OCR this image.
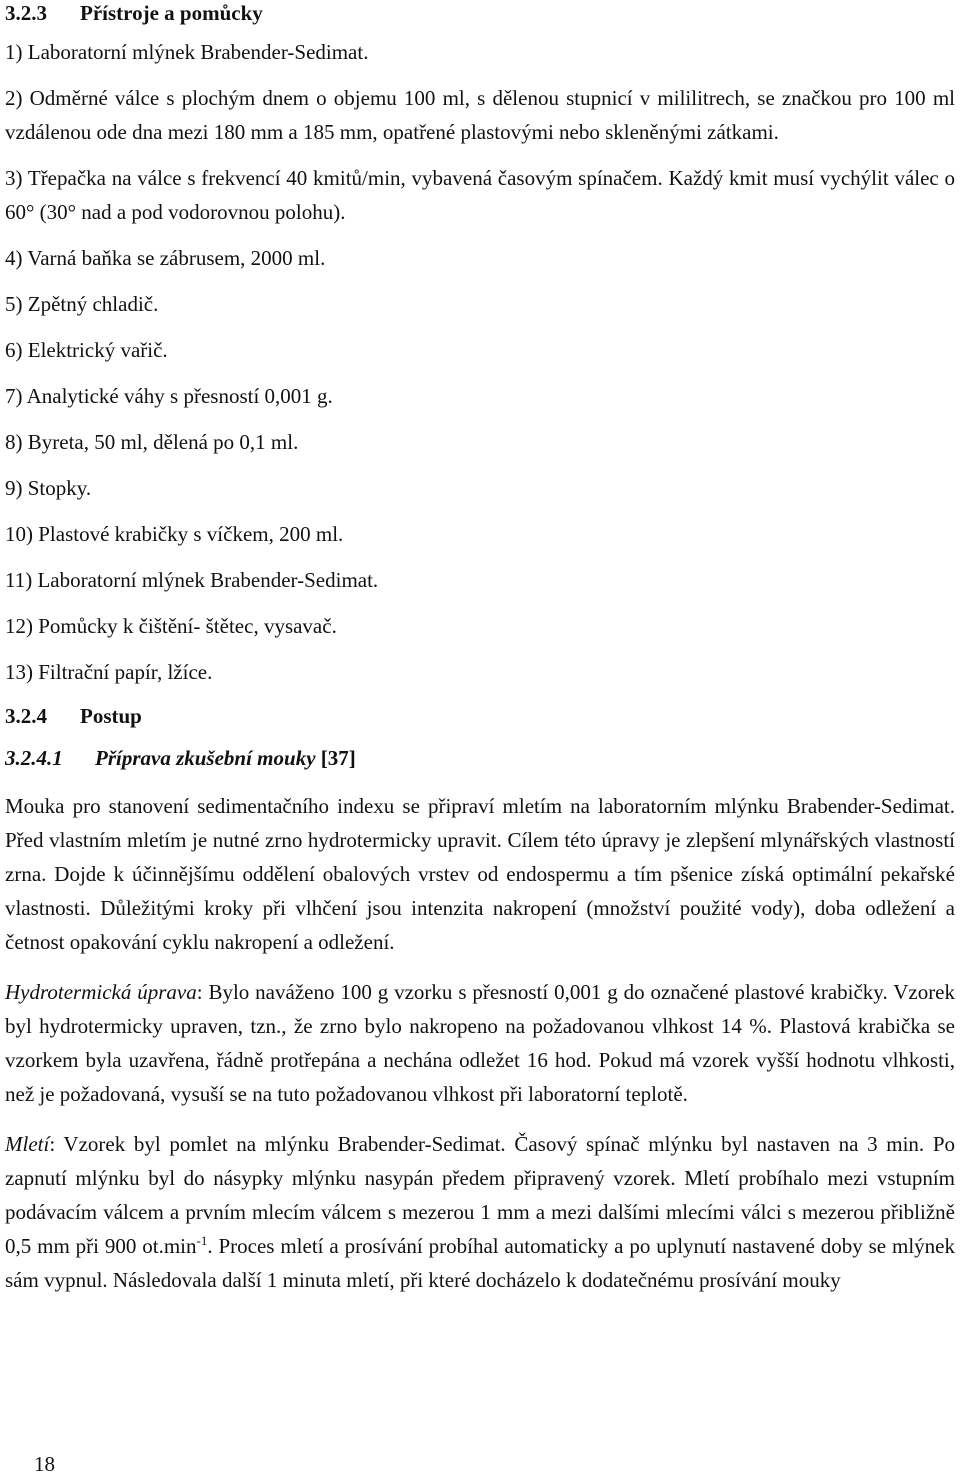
3.2.3 Přístroje a pomůcky

1) Laboratorní mlýnek Brabender-Sedimat.

2) Odměrné válce s plochým dnem o objemu 100 ml, s dělenou stupnicí v mililitrech, se značkou pro 100 ml vzdálenou ode dna mezi 180 mm a 185 mm, opatřené plastovými nebo skleněnými zátkami.

3) Třepačka na válce s frekvencí 40 kmitů/min, vybavená časovým spínačem. Každý kmit musí vychýlit válec o 60° (30° nad a pod vodorovnou polohu).

4) Varná baňka se zábrusem, 2000 ml.

5) Zpětný chladič.

6) Elektrický vařič.

7) Analytické váhy s přesností 0,001 g.

8) Byreta, 50 ml, dělená po 0,1 ml.

9) Stopky.

10) Plastové krabičky s víčkem, 200 ml.

11) Laboratorní mlýnek Brabender-Sedimat.

12) Pomůcky k čištění- štětec, vysavač.

13) Filtrační papír, lžíce.

3.2.4 Postup

3.2.4.1 Příprava zkušební mouky [37]

Mouka pro stanovení sedimentačního indexu se připraví mletím na laboratorním mlýnku Brabender-Sedimat. Před vlastním mletím je nutné zrno hydrotermicky upravit. Cílem této úpravy je zlepšení mlynářských vlastností zrna. Dojde k účinnějšímu oddělení obalových vrstev od endospermu a tím pšenice získá optimální pekařské vlastnosti. Důležitými kroky při vlhčení jsou intenzita nakropení (množství použité vody), doba odležení a četnost opakování cyklu nakropení a odležení.

Hydrotermická úprava: Bylo naváženo 100 g vzorku s přesností 0,001 g do označené plastové krabičky. Vzorek byl hydrotermicky upraven, tzn., že zrno bylo nakropeno na požadovanou vlhkost 14 %. Plastová krabička se vzorkem byla uzavřena, řádně protřepána a nechána odležet 16 hod. Pokud má vzorek vyšší hodnotu vlhkosti, než je požadovaná, vysuší se na tuto požadovanou vlhkost při laboratorní teplotě.

Mletí: Vzorek byl pomlet na mlýnku Brabender-Sedimat. Časový spínač mlýnku byl nastaven na 3 min. Po zapnutí mlýnku byl do násypky mlýnku nasypán předem připravený vzorek. Mletí probíhalo mezi vstupním podávacím válcem a prvním mlecím válcem s mezerou 1 mm a mezi dalšími mlecími válci s mezerou přibližně 0,5 mm při 900 $ot.\min^{-1}$. Proces mletí a prosívání probíhal automaticky a po uplynutí nastavené doby se mlýnek sám vypnul. Následovala další 1 minuta mletí, při které docházelo k dodatečnému prosívání mouky

18
